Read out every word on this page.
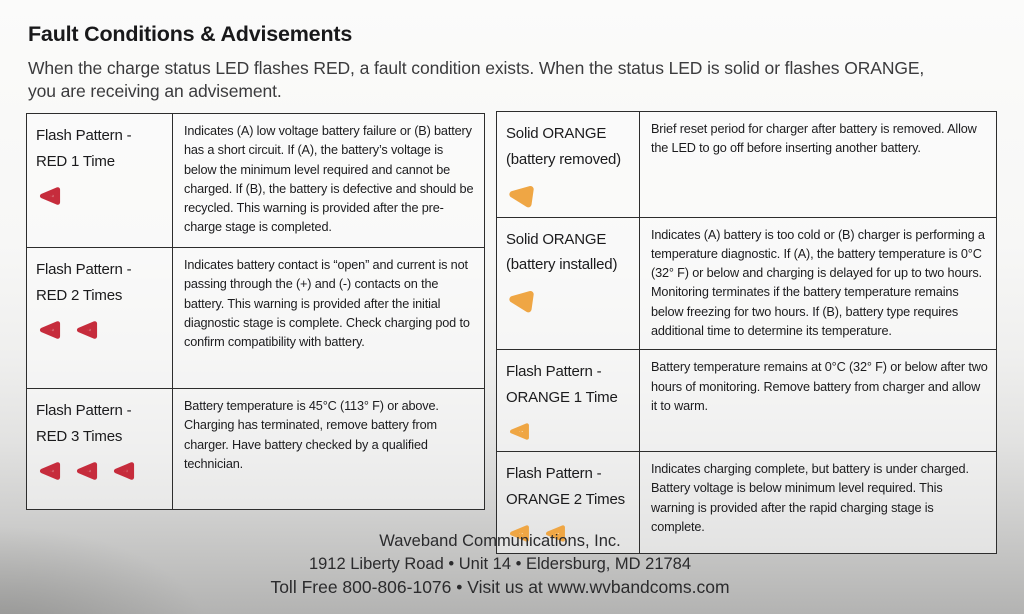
Fault Conditions & Advisements
When the charge status LED flashes RED, a fault condition exists. When the status LED is solid or flashes ORANGE,
you are receiving an advisement.
Flash Pattern -
RED 1 Time
Indicates (A) low voltage battery failure or (B) battery has a short circuit. If (A), the battery’s voltage is below the minimum level required and cannot be charged. If (B), the battery is defective and should be recycled. This warning is provided after the pre-charge stage is completed.
Flash Pattern -
RED 2 Times
Indicates battery contact is “open” and current is not passing through the (+) and (-) contacts on the battery. This warning is provided after the initial diagnostic stage is complete. Check charging pod to confirm compatibility with battery.
Flash Pattern -
RED 3 Times
Battery temperature is 45°C (113° F) or above. Charging has terminated, remove battery from charger. Have battery checked by a qualified technician.
Solid ORANGE
(battery removed)
Brief reset period for charger after battery is removed. Allow the LED to go off before inserting another battery.
Solid ORANGE
(battery installed)
Indicates (A) battery is too cold or (B) charger is performing a temperature diagnostic. If (A), the battery temperature is 0°C (32° F) or below and charging is delayed for up to two hours. Monitoring terminates if the battery temperature remains below freezing for two hours. If (B), battery type requires additional time to determine its temperature.
Flash Pattern -
ORANGE 1 Time
Battery temperature remains at 0°C (32° F) or below after two hours of monitoring. Remove battery from charger and allow it to warm.
Flash Pattern -
ORANGE 2 Times
Indicates charging complete, but battery is under charged. Battery voltage is below minimum level required. This warning is provided after the rapid charging stage is complete.
Waveband Communications, Inc.
1912 Liberty Road • Unit 14 • Eldersburg, MD 21784
Toll Free 800-806-1076 • Visit us at www.wvbandcoms.com
